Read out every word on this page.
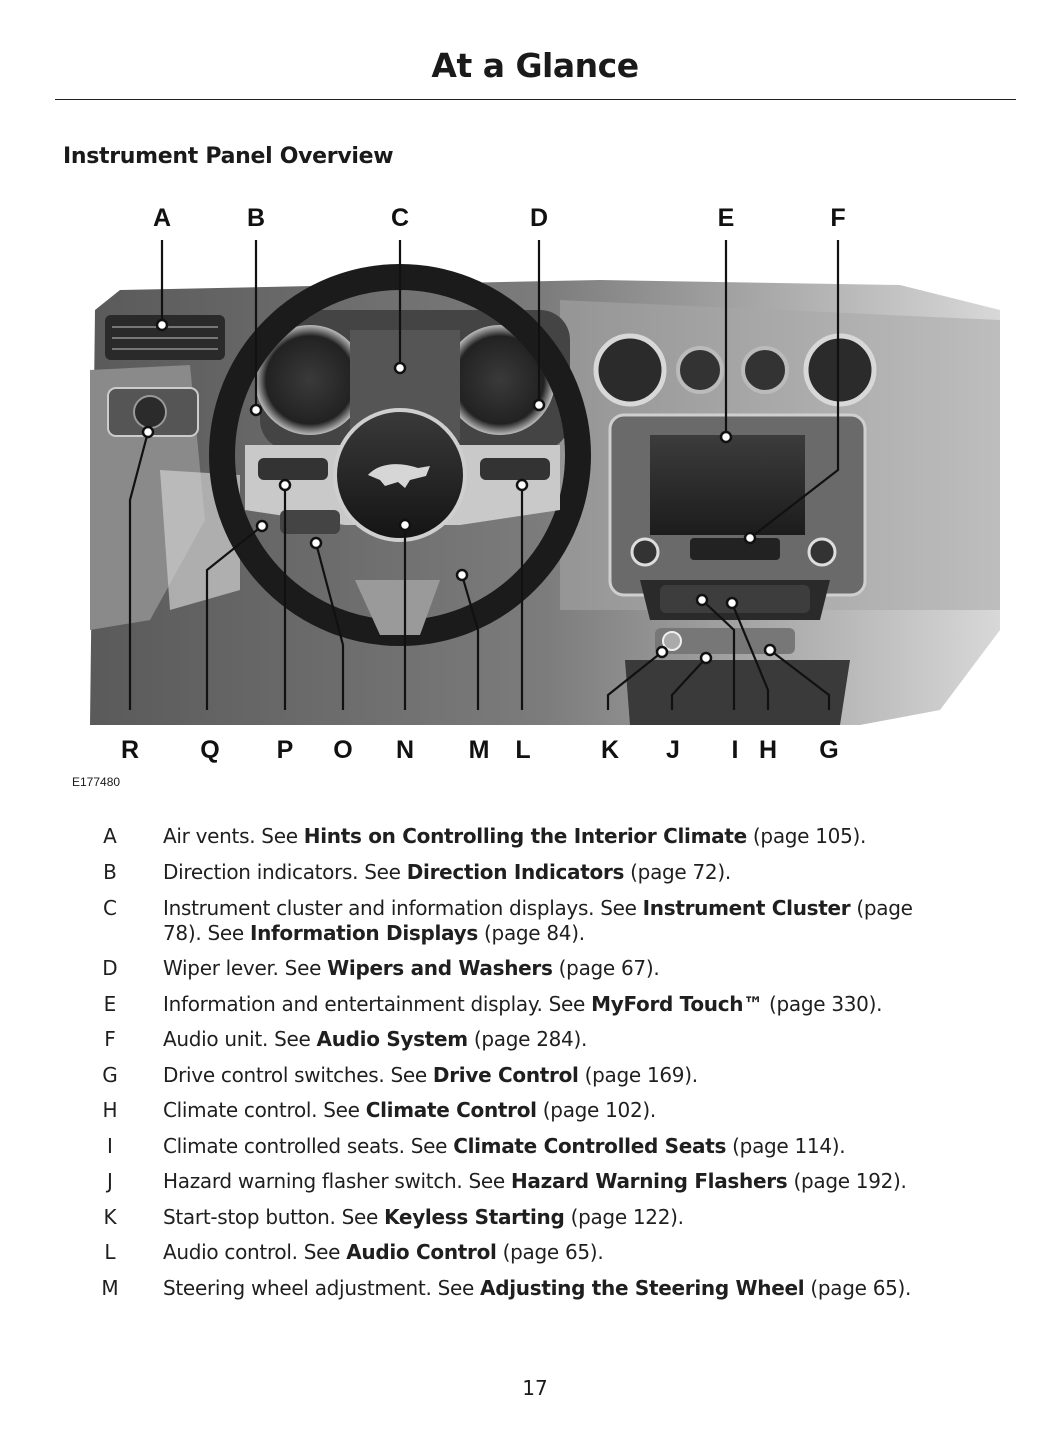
At a Glance
Instrument Panel Overview
A	B	C	D	E	F
R Q P O N M L	K J I H G
E177480
A Air vents. See Hints on Controlling the Interior Climate (page 105).
B Direction indicators. See Direction Indicators (page 72).
C Instrument cluster and information displays. See Instrument Cluster (page
78). See Information Displays (page 84).
D Wiper lever. See Wipers and Washers (page 67).
E Information and entertainment display. See MyFord Touch™ (page 330).
F Audio unit. See Audio System (page 284).
G Drive control switches. See Drive Control (page 169).
H Climate control. See Climate Control (page 102).
I	Climate controlled seats. See Climate Controlled Seats (page 114).
J	Hazard warning flasher switch. See Hazard Warning Flashers (page 192).
K Start-stop button. See Keyless Starting (page 122).
L Audio control. See Audio Control (page 65).
M Steering wheel adjustment. See Adjusting the Steering Wheel (page 65).
17
